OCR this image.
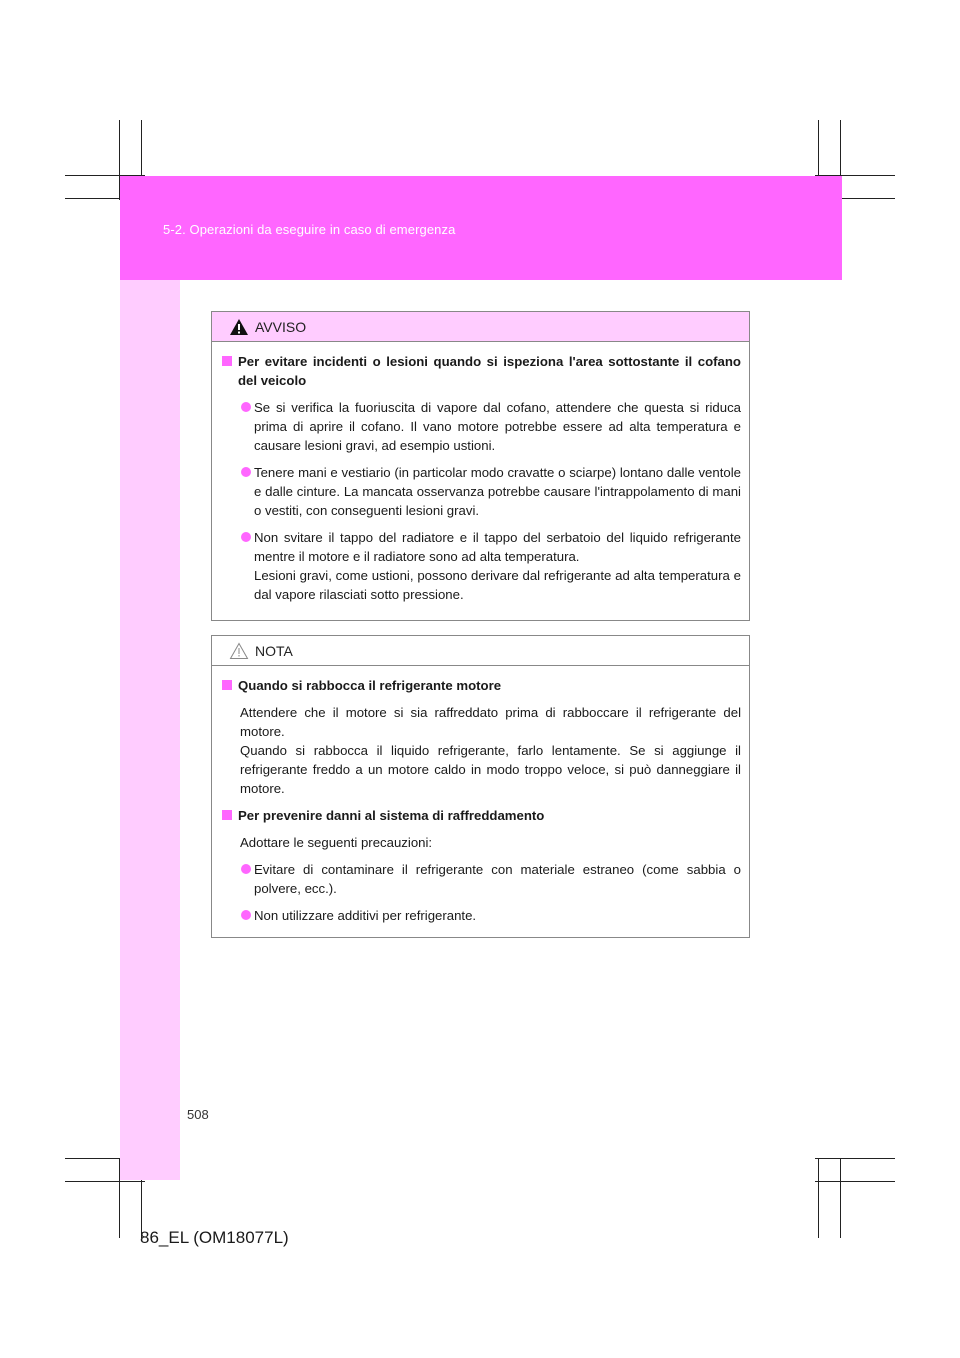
5-2. Operazioni da eseguire in caso di emergenza
AVVISO
Per evitare incidenti o lesioni quando si ispeziona l'area sottostante il cofano del veicolo
Se si verifica la fuoriuscita di vapore dal cofano, attendere che questa si riduca prima di aprire il cofano. Il vano motore potrebbe essere ad alta temperatura e causare lesioni gravi, ad esempio ustioni.
Tenere mani e vestiario (in particolar modo cravatte o sciarpe) lontano dalle ventole e dalle cinture. La mancata osservanza potrebbe causare l'intrappolamento di mani o vestiti, con conseguenti lesioni gravi.
Non svitare il tappo del radiatore e il tappo del serbatoio del liquido refrigerante mentre il motore e il radiatore sono ad alta temperatura.
Lesioni gravi, come ustioni, possono derivare dal refrigerante ad alta temperatura e dal vapore rilasciati sotto pressione.
NOTA
Quando si rabbocca il refrigerante motore
Attendere che il motore si sia raffreddato prima di rabboccare il refrigerante del motore.
Quando si rabbocca il liquido refrigerante, farlo lentamente. Se si aggiunge il refrigerante freddo a un motore caldo in modo troppo veloce, si può danneggiare il motore.
Per prevenire danni al sistema di raffreddamento
Adottare le seguenti precauzioni:
Evitare di contaminare il refrigerante con materiale estraneo (come sabbia o polvere, ecc.).
Non utilizzare additivi per refrigerante.
508
86_EL (OM18077L)
